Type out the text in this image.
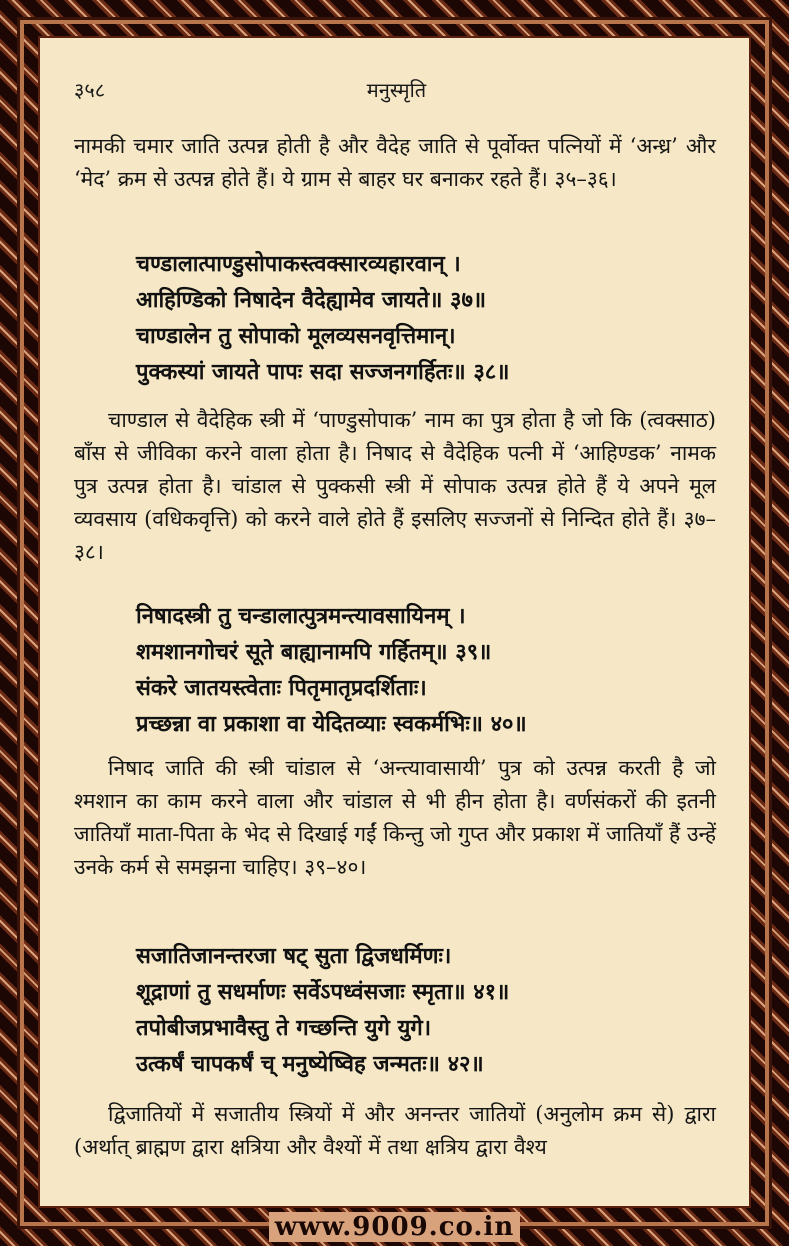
मनुस्मृति
३५८

नामकी चमार जाति उत्पन्न होती है और वैदेह जाति से पूर्वोक्त पत्नियों में ‘अन्ध्र’ और ‘मेद’ क्रम से उत्पन्न होते हैं। ये ग्राम से बाहर घर बनाकर रहते हैं। ३५–३६।

चण्डालात्पाण्डुसोपाकस्त्वक्सारव्यहारवान् ।
आहिण्डिको निषादेन वैदेह्यामेव जायते॥ ३७॥
चाण्डालेन तु सोपाको मूलव्यसनवृत्तिमान्।
पुक्कस्यां जायते पापः सदा सज्जनगर्हितः॥ ३८॥

चाण्डाल से वैदेहिक स्त्री में ‘पाण्डुसोपाक’ नाम का पुत्र होता है जो कि (त्वक्साठ) बाँस से जीविका करने वाला होता है। निषाद से वैदेहिक पत्नी में ‘आहिण्डक’ नामक पुत्र उत्पन्न होता है। चांडाल से पुक्कसी स्त्री में सोपाक उत्पन्न होते हैं ये अपने मूल व्यवसाय (वधिकवृत्ति) को करने वाले होते हैं इसलिए सज्जनों से निन्दित होते हैं। ३७–३८।

निषादस्त्री तु चन्डालात्पुत्रमन्त्यावसायिनम् ।
शमशानगोचरं सूते बाह्यानामपि गर्हितम्॥ ३९॥
संकरे जातयस्त्वेताः पितृमातृप्रदर्शिताः।
प्रच्छन्ना वा प्रकाशा वा येदितव्याः स्वकर्मभिः॥ ४०॥

निषाद जाति की स्त्री चांडाल से ‘अन्त्यावासायी’ पुत्र को उत्पन्न करती है जो श्मशान का काम करने वाला और चांडाल से भी हीन होता है। वर्णसंकरों की इतनी जातियाँ माता-पिता के भेद से दिखाई गईं किन्तु जो गुप्त और प्रकाश में जातियाँ हैं उन्हें उनके कर्म से समझना चाहिए। ३९–४०।

सजातिजानन्तरजा षट् सुता द्विजधर्मिणः।
शूद्राणां तु सधर्माणः सर्वेऽपध्वंसजाः स्मृता॥ ४१॥
तपोबीजप्रभावैस्तु ते गच्छन्ति युगे युगे।
उत्कर्षं चापकर्षं च् मनुष्येष्विह जन्मतः॥ ४२॥

द्विजातियों में सजातीय स्त्रियों में और अनन्तर जातियों (अनुलोम क्रम से) द्वारा (अर्थात् ब्राह्मण द्वारा क्षत्रिया और वैश्यों में तथा क्षत्रिय द्वारा वैश्य

www.9009.co.in
